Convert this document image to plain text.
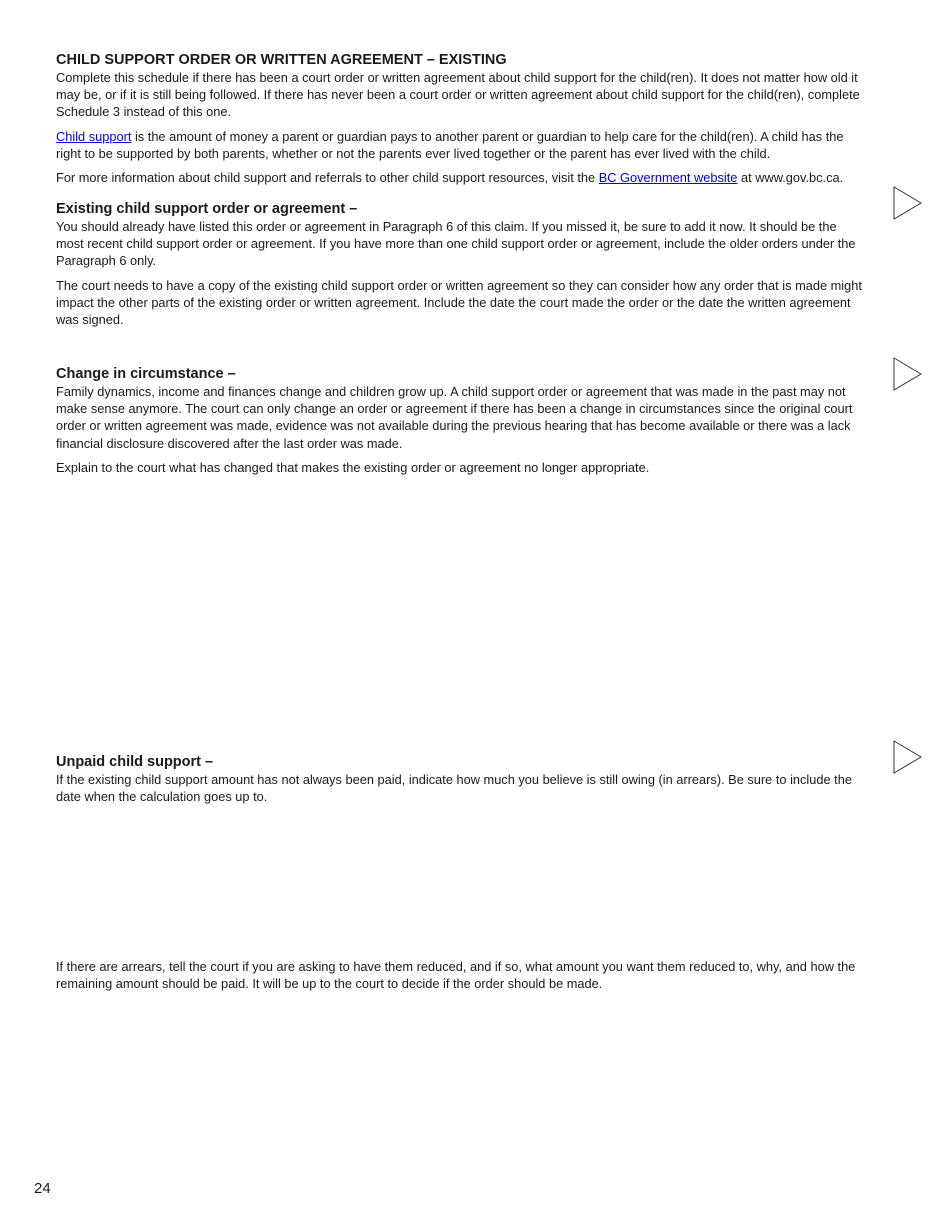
CHILD SUPPORT ORDER OR WRITTEN AGREEMENT – EXISTING

Complete this schedule if there has been a court order or written agreement about child support for the child(ren). It does not matter how old it may be, or if it is still being followed. If there has never been a court order or written agreement about child support for the child(ren), complete Schedule 3 instead of this one.

Child support is the amount of money a parent or guardian pays to another parent or guardian to help care for the child(ren). A child has the right to be supported by both parents, whether or not the parents ever lived together or the parent has ever lived with the child.

For more information about child support and referrals to other child support resources, visit the BC Government website at www.gov.bc.ca.

Existing child support order or agreement –

You should already have listed this order or agreement in Paragraph 6 of this claim. If you missed it, be sure to add it now. It should be the most recent child support order or agreement. If you have more than one child support order or agreement, include the older orders under the Paragraph 6 only.

The court needs to have a copy of the existing child support order or written agreement so they can consider how any order that is made might impact the other parts of the existing order or written agreement. Include the date the court made the order or the date the written agreement was signed.

Change in circumstance –

Family dynamics, income and finances change and children grow up. A child support order or agreement that was made in the past may not make sense anymore. The court can only change an order or agreement if there has been a change in circumstances since the original court order or written agreement was made, evidence was not available during the previous hearing that has become available or there was a lack financial disclosure discovered after the last order was made.

Explain to the court what has changed that makes the existing order or agreement no longer appropriate.

Unpaid child support –

If the existing child support amount has not always been paid, indicate how much you believe is still owing (in arrears). Be sure to include the date when the calculation goes up to.

If there are arrears, tell the court if you are asking to have them reduced, and if so, what amount you want them reduced to, why, and how the remaining amount should be paid. It will be up to the court to decide if the order should be made.

24
